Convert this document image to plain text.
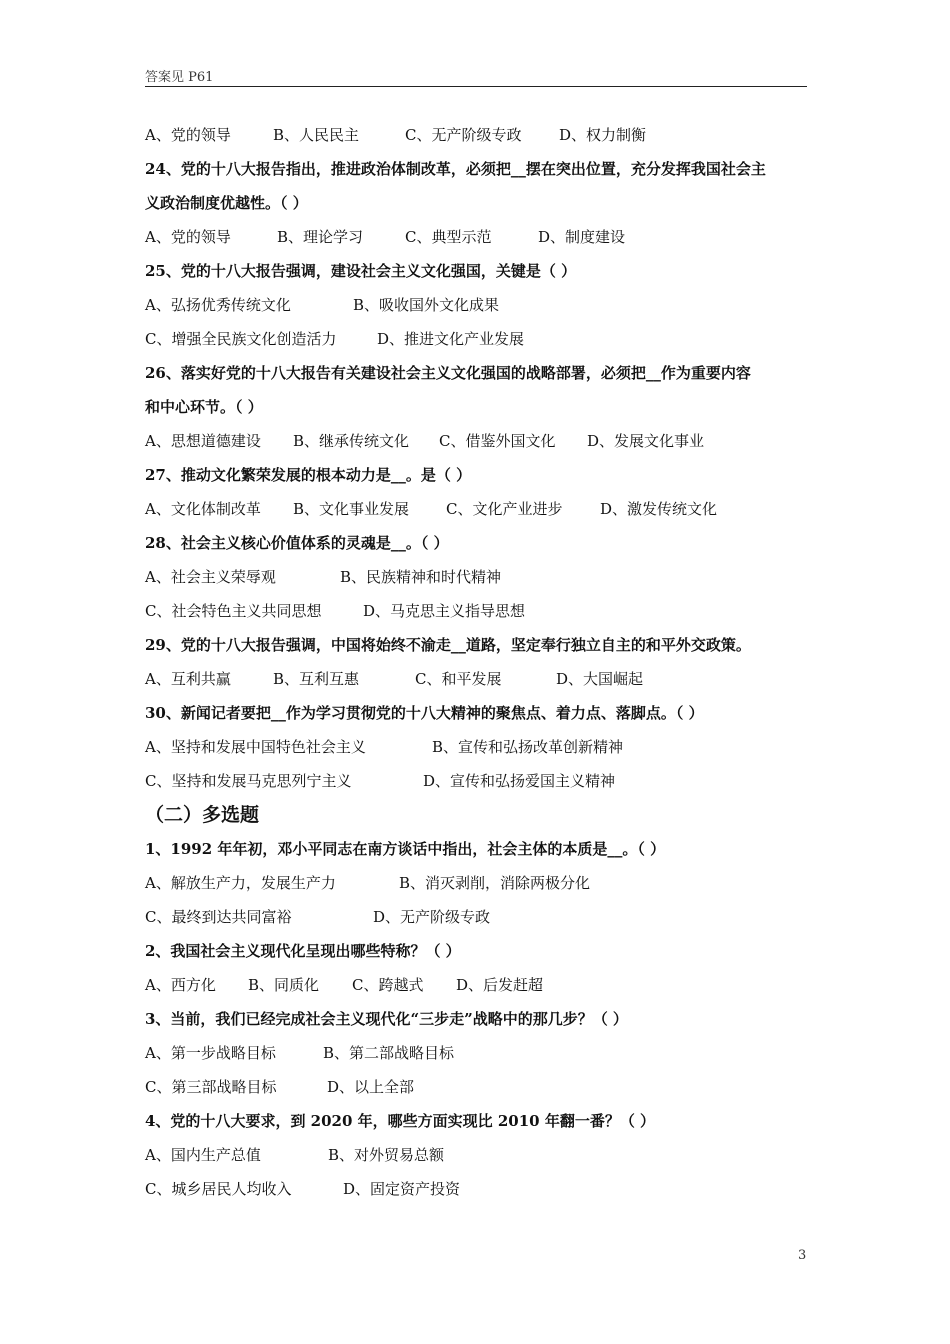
答案见 P61
A、党的领导	B、人民民主	C、无产阶级专政	D、权力制衡
24、党的十八大报告指出，推进政治体制改革，必须把__摆在突出位置，充分发挥我国社会主
义政治制度优越性。（ ）
A、党的领导	B、理论学习	C、典型示范	D、制度建设
25、党的十八大报告强调，建设社会主义文化强国，关键是（ ）
A、弘扬优秀传统文化	B、吸收国外文化成果
C、增强全民族文化创造活力	D、推进文化产业发展
26、落实好党的十八大报告有关建设社会主义文化强国的战略部署，必须把__作为重要内容
和中心环节。（ ）
A、思想道德建设 B、继承传统文化 C、借鉴外国文化 D、发展文化事业
27、推动文化繁荣发展的根本动力是__。是（ ）
A、文化体制改革 B、文化事业发展 C、文化产业进步	D、激发传统文化
28、社会主义核心价值体系的灵魂是__。（ ）
A、社会主义荣辱观	B、民族精神和时代精神
C、社会特色主义共同思想	D、马克思主义指导思想
29、党的十八大报告强调，中国将始终不渝走__道路，坚定奉行独立自主的和平外交政策。
A、互利共赢	B、互利互惠	C、和平发展	D、大国崛起
30、新闻记者要把__作为学习贯彻党的十八大精神的聚焦点、着力点、落脚点。（ ）
A、坚持和发展中国特色社会主义	B、宣传和弘扬改革创新精神
C、坚持和发展马克思列宁主义	D、宣传和弘扬爱国主义精神
（二）多选题
1、1992 年年初，邓小平同志在南方谈话中指出，社会主体的本质是__。（ ）
A、解放生产力，发展生产力	B、消灭剥削，消除两极分化
C、最终到达共同富裕	D、无产阶级专政
2、我国社会主义现代化呈现出哪些特称？（ ）
A、西方化 B、同质化 C、跨越式 D、后发赶超
3、当前，我们已经完成社会主义现代化“三步走”战略中的那几步？（ ）
A、第一步战略目标	B、第二部战略目标
C、第三部战略目标	D、以上全部
4、党的十八大要求，到 2020 年，哪些方面实现比 2010 年翻一番？（ ）
A、国内生产总值	B、对外贸易总额
C、城乡居民人均收入	D、固定资产投资
3
